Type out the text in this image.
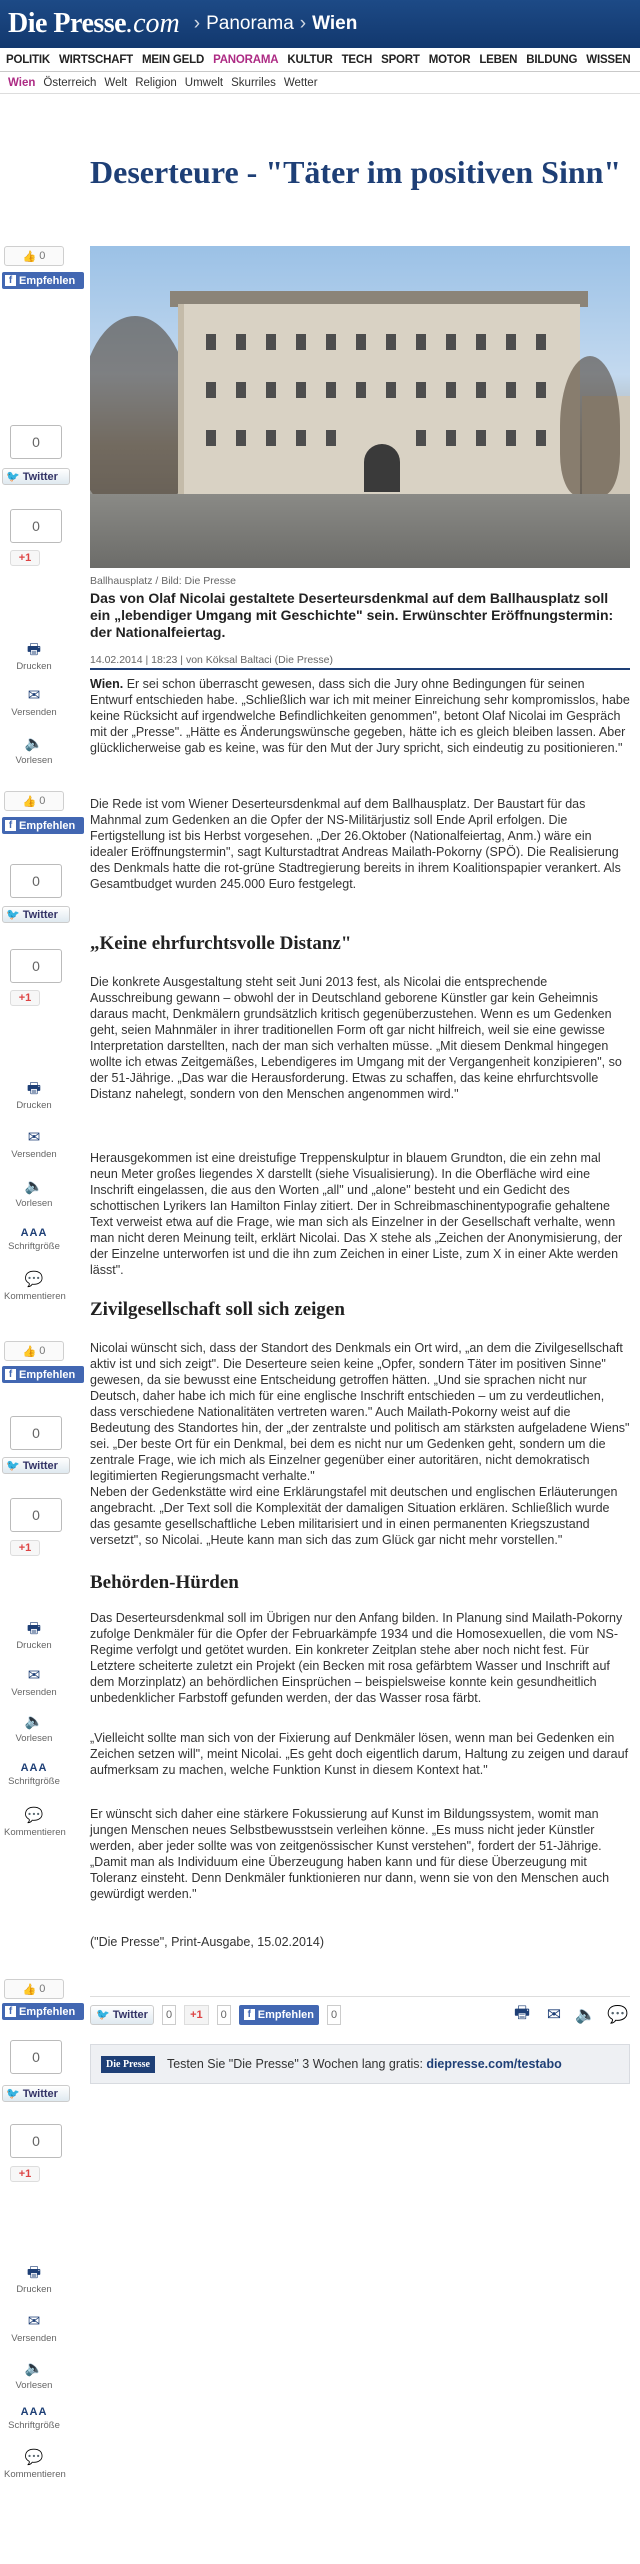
Die Presse.com › Panorama › Wien
POLITIK WIRTSCHAFT MEIN GELD PANORAMA KULTUR TECH SPORT MOTOR LEBEN BILDUNG WISSEN
Wien Österreich Welt Religion Umwelt Skurriles Wetter
👍 0
f Empfehlen
0
🐦 Twitter
0
+1
🖶
Drucken
✉
Versenden
🔈
Vorlesen
👍 0
f Empfehlen
0
🐦 Twitter
0
+1
🖶
Drucken
✉
Versenden
🔈
Vorlesen
AAA
Schriftgröße
💬
Kommentieren
👍 0
f Empfehlen
0
🐦 Twitter
0
+1
🖶
Drucken
✉
Versenden
🔈
Vorlesen
AAA
Schriftgröße
💬
Kommentieren
👍 0
f Empfehlen
0
🐦 Twitter
0
+1
🖶
Drucken
✉
Versenden
🔈
Vorlesen
AAA
Schriftgröße
💬
Kommentieren
Deserteure - "Täter im positiven Sinn"
Ballhausplatz / Bild: Die Presse

Das von Olaf Nicolai gestaltete Deserteursdenkmal auf dem Ballhausplatz soll ein „lebendiger Umgang mit Geschichte" sein. Erwünschter Eröffnungstermin: der Nationalfeiertag.

14.02.2014 | 18:23 | von Köksal Baltaci (Die Presse)

Wien. Er sei schon überrascht gewesen, dass sich die Jury ohne Bedingungen für seinen Entwurf entschieden habe. „Schließlich war ich mit meiner Einreichung sehr kompromisslos, habe keine Rücksicht auf irgendwelche Befindlichkeiten genommen", betont Olaf Nicolai im Gespräch mit der „Presse". „Hätte es Änderungswünsche gegeben, hätte ich es gleich bleiben lassen. Aber glücklicherweise gab es keine, was für den Mut der Jury spricht, sich eindeutig zu positionieren."

Die Rede ist vom Wiener Deserteursdenkmal auf dem Ballhausplatz. Der Baustart für das Mahnmal zum Gedenken an die Opfer der NS-Militärjustiz soll Ende April erfolgen. Die Fertigstellung ist bis Herbst vorgesehen. „Der 26.Oktober (Nationalfeiertag, Anm.) wäre ein idealer Eröffnungstermin", sagt Kulturstadtrat Andreas Mailath-Pokorny (SPÖ). Die Realisierung des Denkmals hatte die rot-grüne Stadtregierung bereits in ihrem Koalitionspapier verankert. Als Gesamtbudget wurden 245.000 Euro festgelegt.

„Keine ehrfurchtsvolle Distanz"

Die konkrete Ausgestaltung steht seit Juni 2013 fest, als Nicolai die entsprechende Ausschreibung gewann – obwohl der in Deutschland geborene Künstler gar kein Geheimnis daraus macht, Denkmälern grundsätzlich kritisch gegenüberzustehen. Wenn es um Gedenken geht, seien Mahnmäler in ihrer traditionellen Form oft gar nicht hilfreich, weil sie eine gewisse Interpretation darstellten, nach der man sich verhalten müsse. „Mit diesem Denkmal hingegen wollte ich etwas Zeitgemäßes, Lebendigeres im Umgang mit der Vergangenheit konzipieren", so der 51-Jährige. „Das war die Herausforderung. Etwas zu schaffen, das keine ehrfurchtsvolle Distanz nahelegt, sondern von den Menschen angenommen wird."

Herausgekommen ist eine dreistufige Treppenskulptur in blauem Grundton, die ein zehn mal neun Meter großes liegendes X darstellt (siehe Visualisierung). In die Oberfläche wird eine Inschrift eingelassen, die aus den Worten „all" und „alone" besteht und ein Gedicht des schottischen Lyrikers Ian Hamilton Finlay zitiert. Der in Schreibmaschinentypografie gehaltene Text verweist etwa auf die Frage, wie man sich als Einzelner in der Gesellschaft verhalte, wenn man nicht deren Meinung teilt, erklärt Nicolai. Das X stehe als „Zeichen der Anonymisierung, der der Einzelne unterworfen ist und die ihn zum Zeichen in einer Liste, zum X in einer Akte werden lässt".

Zivilgesellschaft soll sich zeigen

Nicolai wünscht sich, dass der Standort des Denkmals ein Ort wird, „an dem die Zivilgesellschaft aktiv ist und sich zeigt". Die Deserteure seien keine „Opfer, sondern Täter im positiven Sinne" gewesen, da sie bewusst eine Entscheidung getroffen hätten. „Und sie sprachen nicht nur Deutsch, daher habe ich mich für eine englische Inschrift entschieden – um zu verdeutlichen, dass verschiedene Nationalitäten vertreten waren." Auch Mailath-Pokorny weist auf die Bedeutung des Standortes hin, der „der zentralste und politisch am stärksten aufgeladene Wiens" sei. „Der beste Ort für ein Denkmal, bei dem es nicht nur um Gedenken geht, sondern um die zentrale Frage, wie ich mich als Einzelner gegenüber einer autoritären, nicht demokratisch legitimierten Regierungsmacht verhalte."

Neben der Gedenkstätte wird eine Erklärungstafel mit deutschen und englischen Erläuterungen angebracht. „Der Text soll die Komplexität der damaligen Situation erklären. Schließlich wurde das gesamte gesellschaftliche Leben militarisiert und in einen permanenten Kriegszustand versetzt", so Nicolai. „Heute kann man sich das zum Glück gar nicht mehr vorstellen."

Behörden-Hürden

Das Deserteursdenkmal soll im Übrigen nur den Anfang bilden. In Planung sind Mailath-Pokorny zufolge Denkmäler für die Opfer der Februarkämpfe 1934 und die Homosexuellen, die vom NS-Regime verfolgt und getötet wurden. Ein konkreter Zeitplan stehe aber noch nicht fest. Für Letztere scheiterte zuletzt ein Projekt (ein Becken mit rosa gefärbtem Wasser und Inschrift auf dem Morzinplatz) an behördlichen Einsprüchen – beispielsweise konnte kein gesundheitlich unbedenklicher Farbstoff gefunden werden, der das Wasser rosa färbt.

„Vielleicht sollte man sich von der Fixierung auf Denkmäler lösen, wenn man bei Gedenken ein Zeichen setzen will", meint Nicolai. „Es geht doch eigentlich darum, Haltung zu zeigen und darauf aufmerksam zu machen, welche Funktion Kunst in diesem Kontext hat."

Er wünscht sich daher eine stärkere Fokussierung auf Kunst im Bildungssystem, womit man jungen Menschen neues Selbstbewusstsein verleihen könne. „Es muss nicht jeder Künstler werden, aber jeder sollte was von zeitgenössischer Kunst verstehen", fordert der 51-Jährige. „Damit man als Individuum eine Überzeugung haben kann und für diese Überzeugung mit Toleranz einsteht. Denn Denkmäler funktionieren nur dann, wenn sie von den Menschen auch gewürdigt werden."

("Die Presse", Print-Ausgabe, 15.02.2014)

🐦 Twitter	0	+1	0	f Empfehlen	0	🖶 ✉ 🔈 💬
Die Presse	Testen Sie "Die Presse" 3 Wochen lang gratis: diepresse.com/testabo
